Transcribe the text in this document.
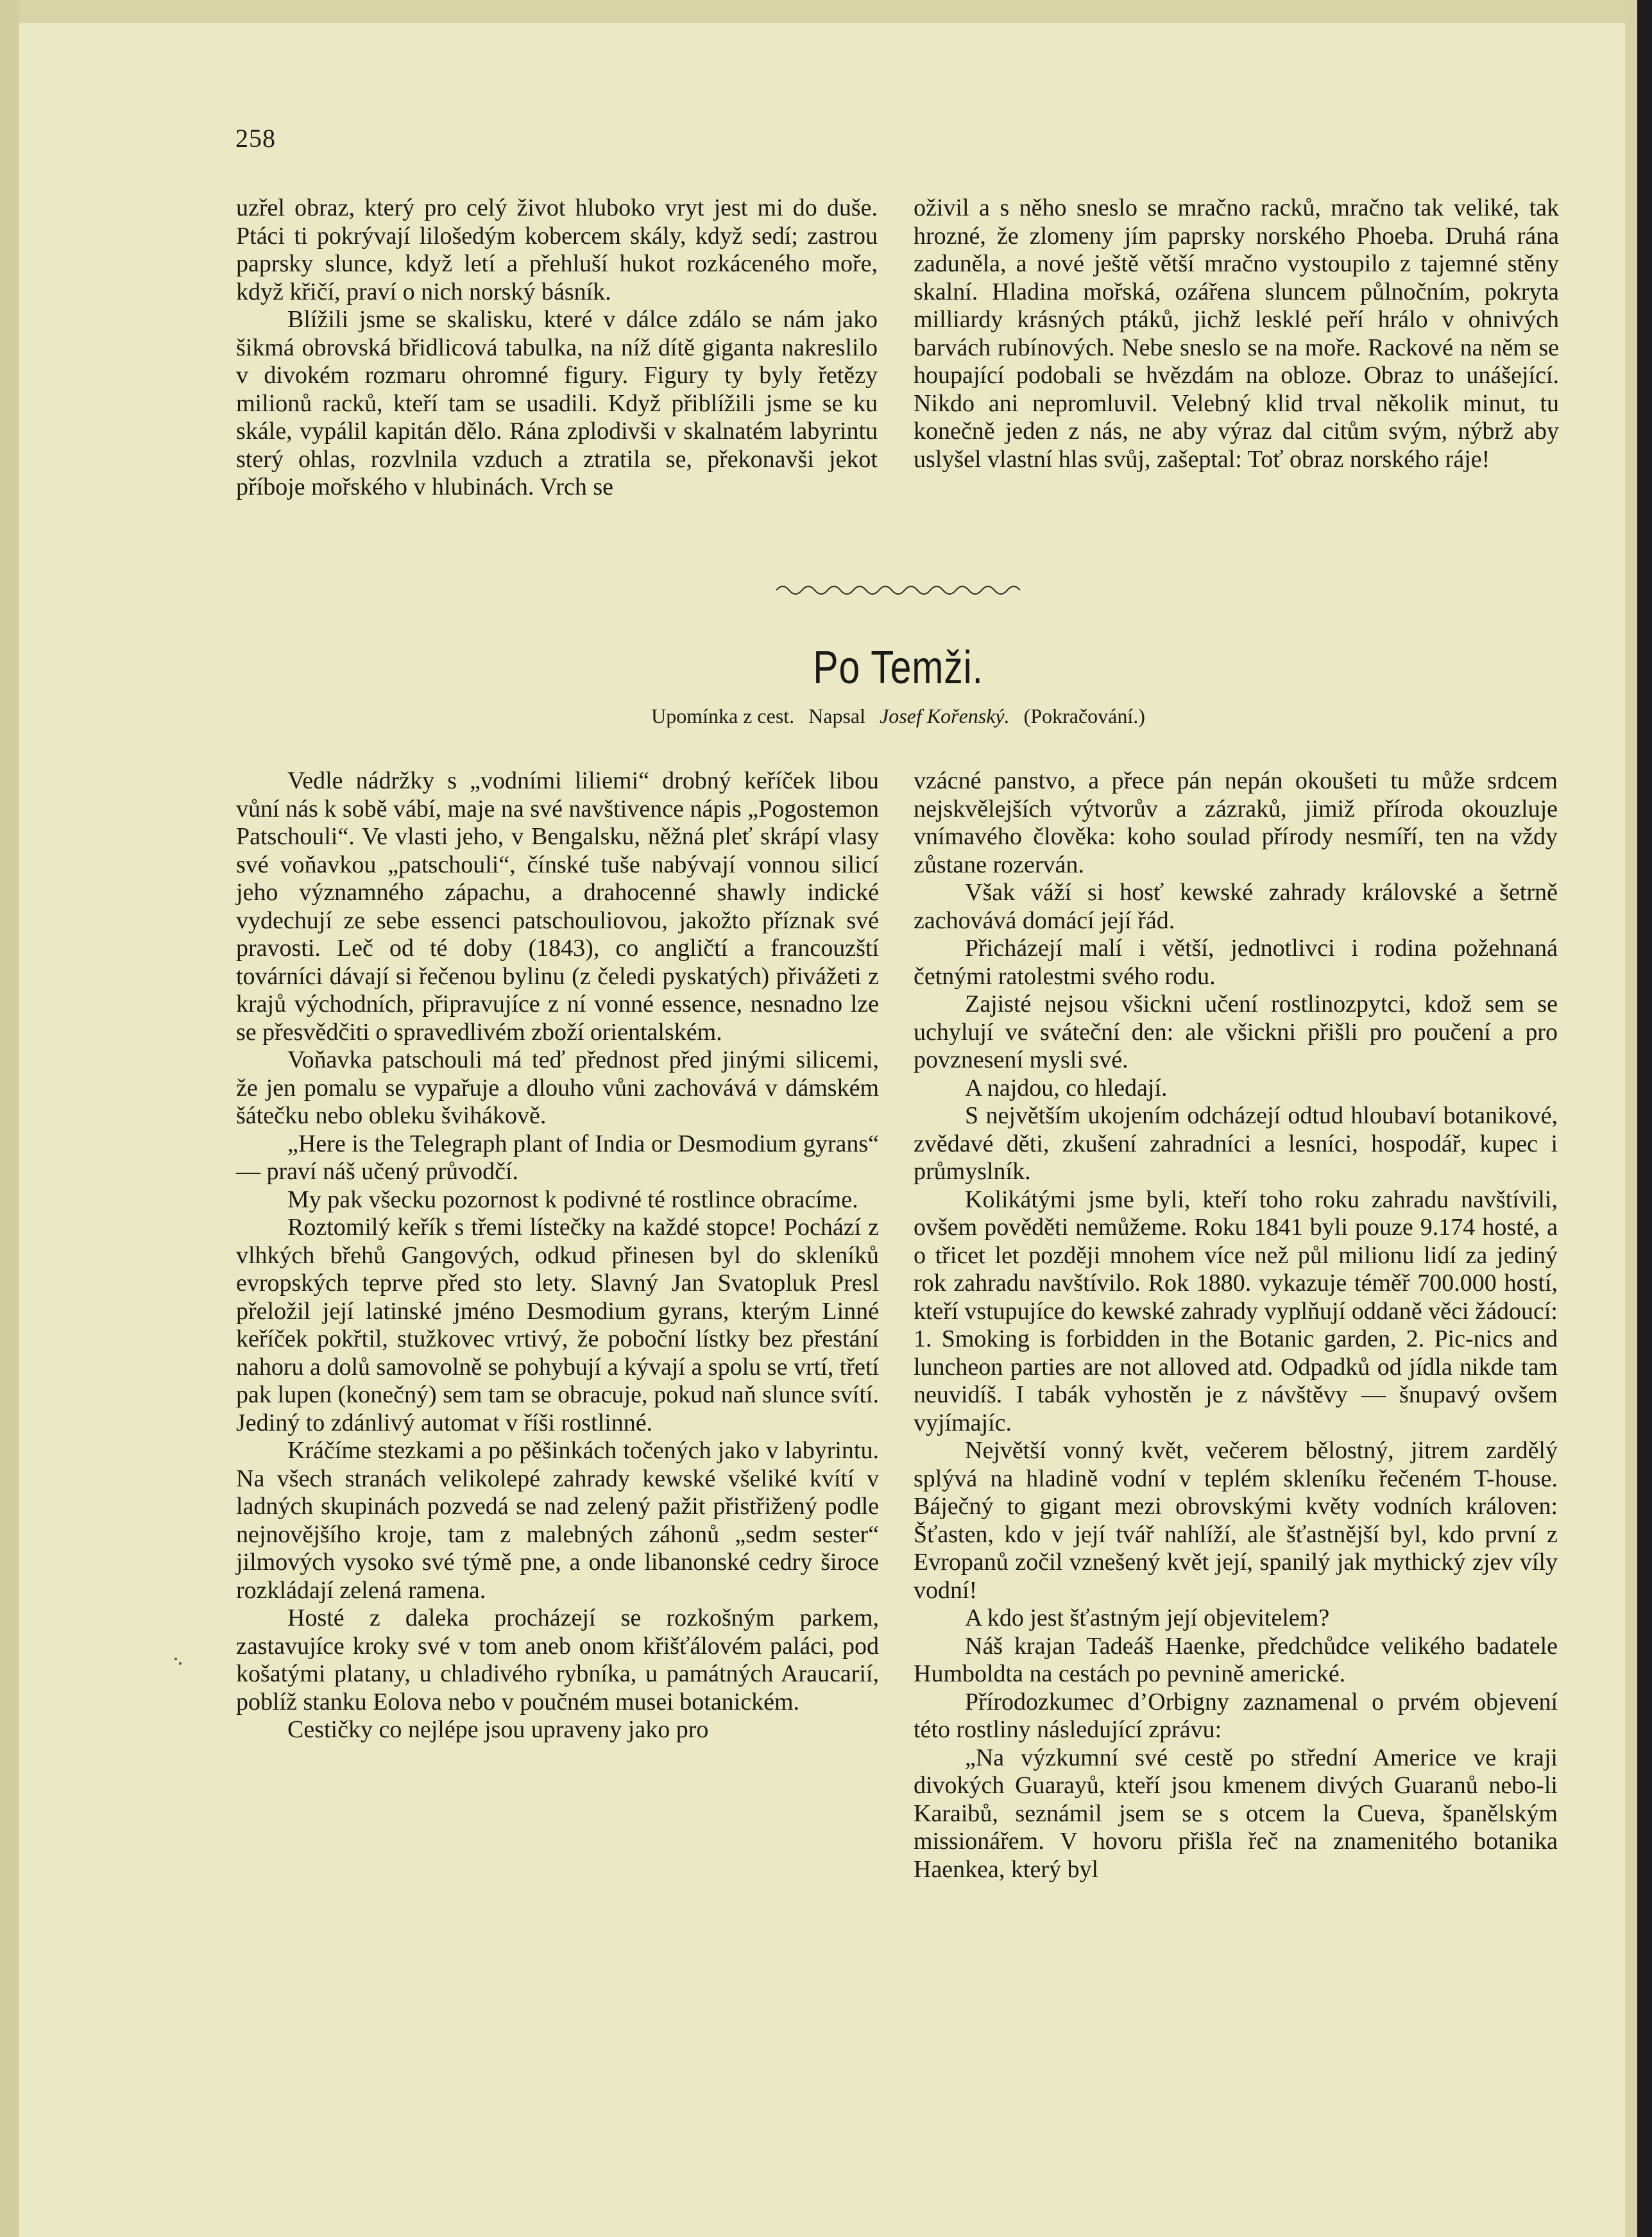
258

uzřel obraz, který pro celý život hluboko vryt jest mi do duše. Ptáci ti pokrývají lilošedým kobercem skály, když sedí; zastrou paprsky slunce, když letí a přehluší hukot rozkáceného moře, když křičí, praví o nich norský básník.

Blížili jsme se skalisku, které v dálce zdálo se nám jako šikmá obrovská břidlicová tabulka, na níž dítě giganta nakreslilo v divokém rozmaru ohromné figury. Figury ty byly řetězy milionů racků, kteří tam se usadili. Když přiblížili jsme se ku skále, vypálil kapitán dělo. Rána zplodivši v skalnatém labyrintu sterý ohlas, rozvlnila vzduch a ztratila se, překonavši jekot příboje mořského v hlubinách. Vrch se

oživil a s něho sneslo se mračno racků, mračno tak veliké, tak hrozné, že zlomeny jím paprsky norského Phoeba. Druhá rána zaduněla, a nové ještě větší mračno vystoupilo z tajemné stěny skalní. Hladina mořská, ozářena sluncem půlnočním, pokryta milliardy krásných ptáků, jichž lesklé peří hrálo v ohnivých barvách rubínových. Nebe sneslo se na moře. Rackové na něm se houpající podobali se hvězdám na obloze. Obraz to unášející. Nikdo ani nepromluvil. Velebný klid trval několik minut, tu konečně jeden z nás, ne aby výraz dal citům svým, nýbrž aby uslyšel vlastní hlas svůj, zašeptal: Toť obraz norského ráje!

Po Temži.
Upomínka z cest. Napsal Josef Kořenský. (Pokračování.)

Vedle nádržky s „vodními liliemi“ drobný keříček libou vůní nás k sobě vábí, maje na své navštivence nápis „Pogostemon Patschouli“. Ve vlasti jeho, v Bengalsku, něžná pleť skrápí vlasy své voňavkou „patschouli“, čínské tuše nabývají vonnou silicí jeho významného zápachu, a drahocenné shawly indické vydechují ze sebe essenci patschouliovou, jakožto příznak své pravosti. Leč od té doby (1843), co angličtí a francouzští továrníci dávají si řečenou bylinu (z čeledi pyskatých) přivážeti z krajů východních, připravujíce z ní vonné essence, nesnadno lze se přesvědčiti o spravedlivém zboží orientalském.

Voňavka patschouli má teď přednost před jinými silicemi, že jen pomalu se vypařuje a dlouho vůni zachovává v dámském šátečku nebo obleku švihákově.

„Here is the Telegraph plant of India or Desmodium gyrans“ — praví náš učený průvodčí.

My pak všecku pozornost k podivné té rostlince obracíme.

Roztomilý keřík s třemi lístečky na každé stopce! Pochází z vlhkých břehů Gangových, odkud přinesen byl do skleníků evropských teprve před sto lety. Slavný Jan Svatopluk Presl přeložil její latinské jméno Desmodium gyrans, kterým Linné keříček pokřtil, stužkovec vrtivý, že poboční lístky bez přestání nahoru a dolů samovolně se pohybují a kývají a spolu se vrtí, třetí pak lupen (konečný) sem tam se obracuje, pokud naň slunce svítí. Jediný to zdánlivý automat v říši rostlinné.

Kráčíme stezkami a po pěšinkách točených jako v labyrintu. Na všech stranách velikolepé zahrady kewské všeliké kvítí v ladných skupinách pozvedá se nad zelený pažit přistřižený podle nejnovějšího kroje, tam z malebných záhonů „sedm sester“ jilmových vysoko své týmě pne, a onde libanonské cedry široce rozkládají zelená ramena.

Hosté z daleka procházejí se rozkošným parkem, zastavujíce kroky své v tom aneb onom křišťálovém paláci, pod košatými platany, u chladivého rybníka, u památných Araucarií, poblíž stanku Eolova nebo v poučném musei botanickém.

Cestičky co nejlépe jsou upraveny jako pro

vzácné panstvo, a přece pán nepán okoušeti tu může srdcem nejskvělejších výtvorův a zázraků, jimiž příroda okouzluje vnímavého člověka: koho soulad přírody nesmíří, ten na vždy zůstane rozerván.

Však váží si hosť kewské zahrady královské a šetrně zachovává domácí její řád.

Přicházejí malí i větší, jednotlivci i rodina požehnaná četnými ratolestmi svého rodu.

Zajisté nejsou všickni učení rostlinozpytci, kdož sem se uchylují ve sváteční den: ale všickni přišli pro poučení a pro povznesení mysli své.

A najdou, co hledají.

S největším ukojením odcházejí odtud hloubaví botanikové, zvědavé děti, zkušení zahradníci a lesníci, hospodář, kupec i průmyslník.

Kolikátými jsme byli, kteří toho roku zahradu navštívili, ovšem pověděti nemůžeme. Roku 1841 byli pouze 9.174 hosté, a o třicet let později mnohem více než půl milionu lidí za jediný rok zahradu navštívilo. Rok 1880. vykazuje téměř 700.000 hostí, kteří vstupujíce do kewské zahrady vyplňují oddaně věci žádoucí: 1. Smoking is forbidden in the Botanic garden, 2. Pic-nics and luncheon parties are not alloved atd. Odpadků od jídla nikde tam neuvidíš. I tabák vyhostěn je z návštěvy — šnupavý ovšem vyjímajíc.

Největší vonný květ, večerem bělostný, jitrem zardělý splývá na hladině vodní v teplém skleníku řečeném T-house. Báječný to gigant mezi obrovskými květy vodních královen: Šťasten, kdo v její tvář nahlíží, ale šťastnější byl, kdo první z Evropanů zočil vznešený květ její, spanilý jak mythický zjev víly vodní!

A kdo jest šťastným její objevitelem?

Náš krajan Tadeáš Haenke, předchůdce velikého badatele Humboldta na cestách po pevnině americké.

Přírodozkumec d’Orbigny zaznamenal o prvém objevení této rostliny následující zprávu:

„Na výzkumní své cestě po střední Americe ve kraji divokých Guarayů, kteří jsou kmenem divých Guaranů nebo-li Karaibů, seznámil jsem se s otcem la Cueva, španělským missionářem. V hovoru přišla řeč na znamenitého botanika Haenkea, který byl
